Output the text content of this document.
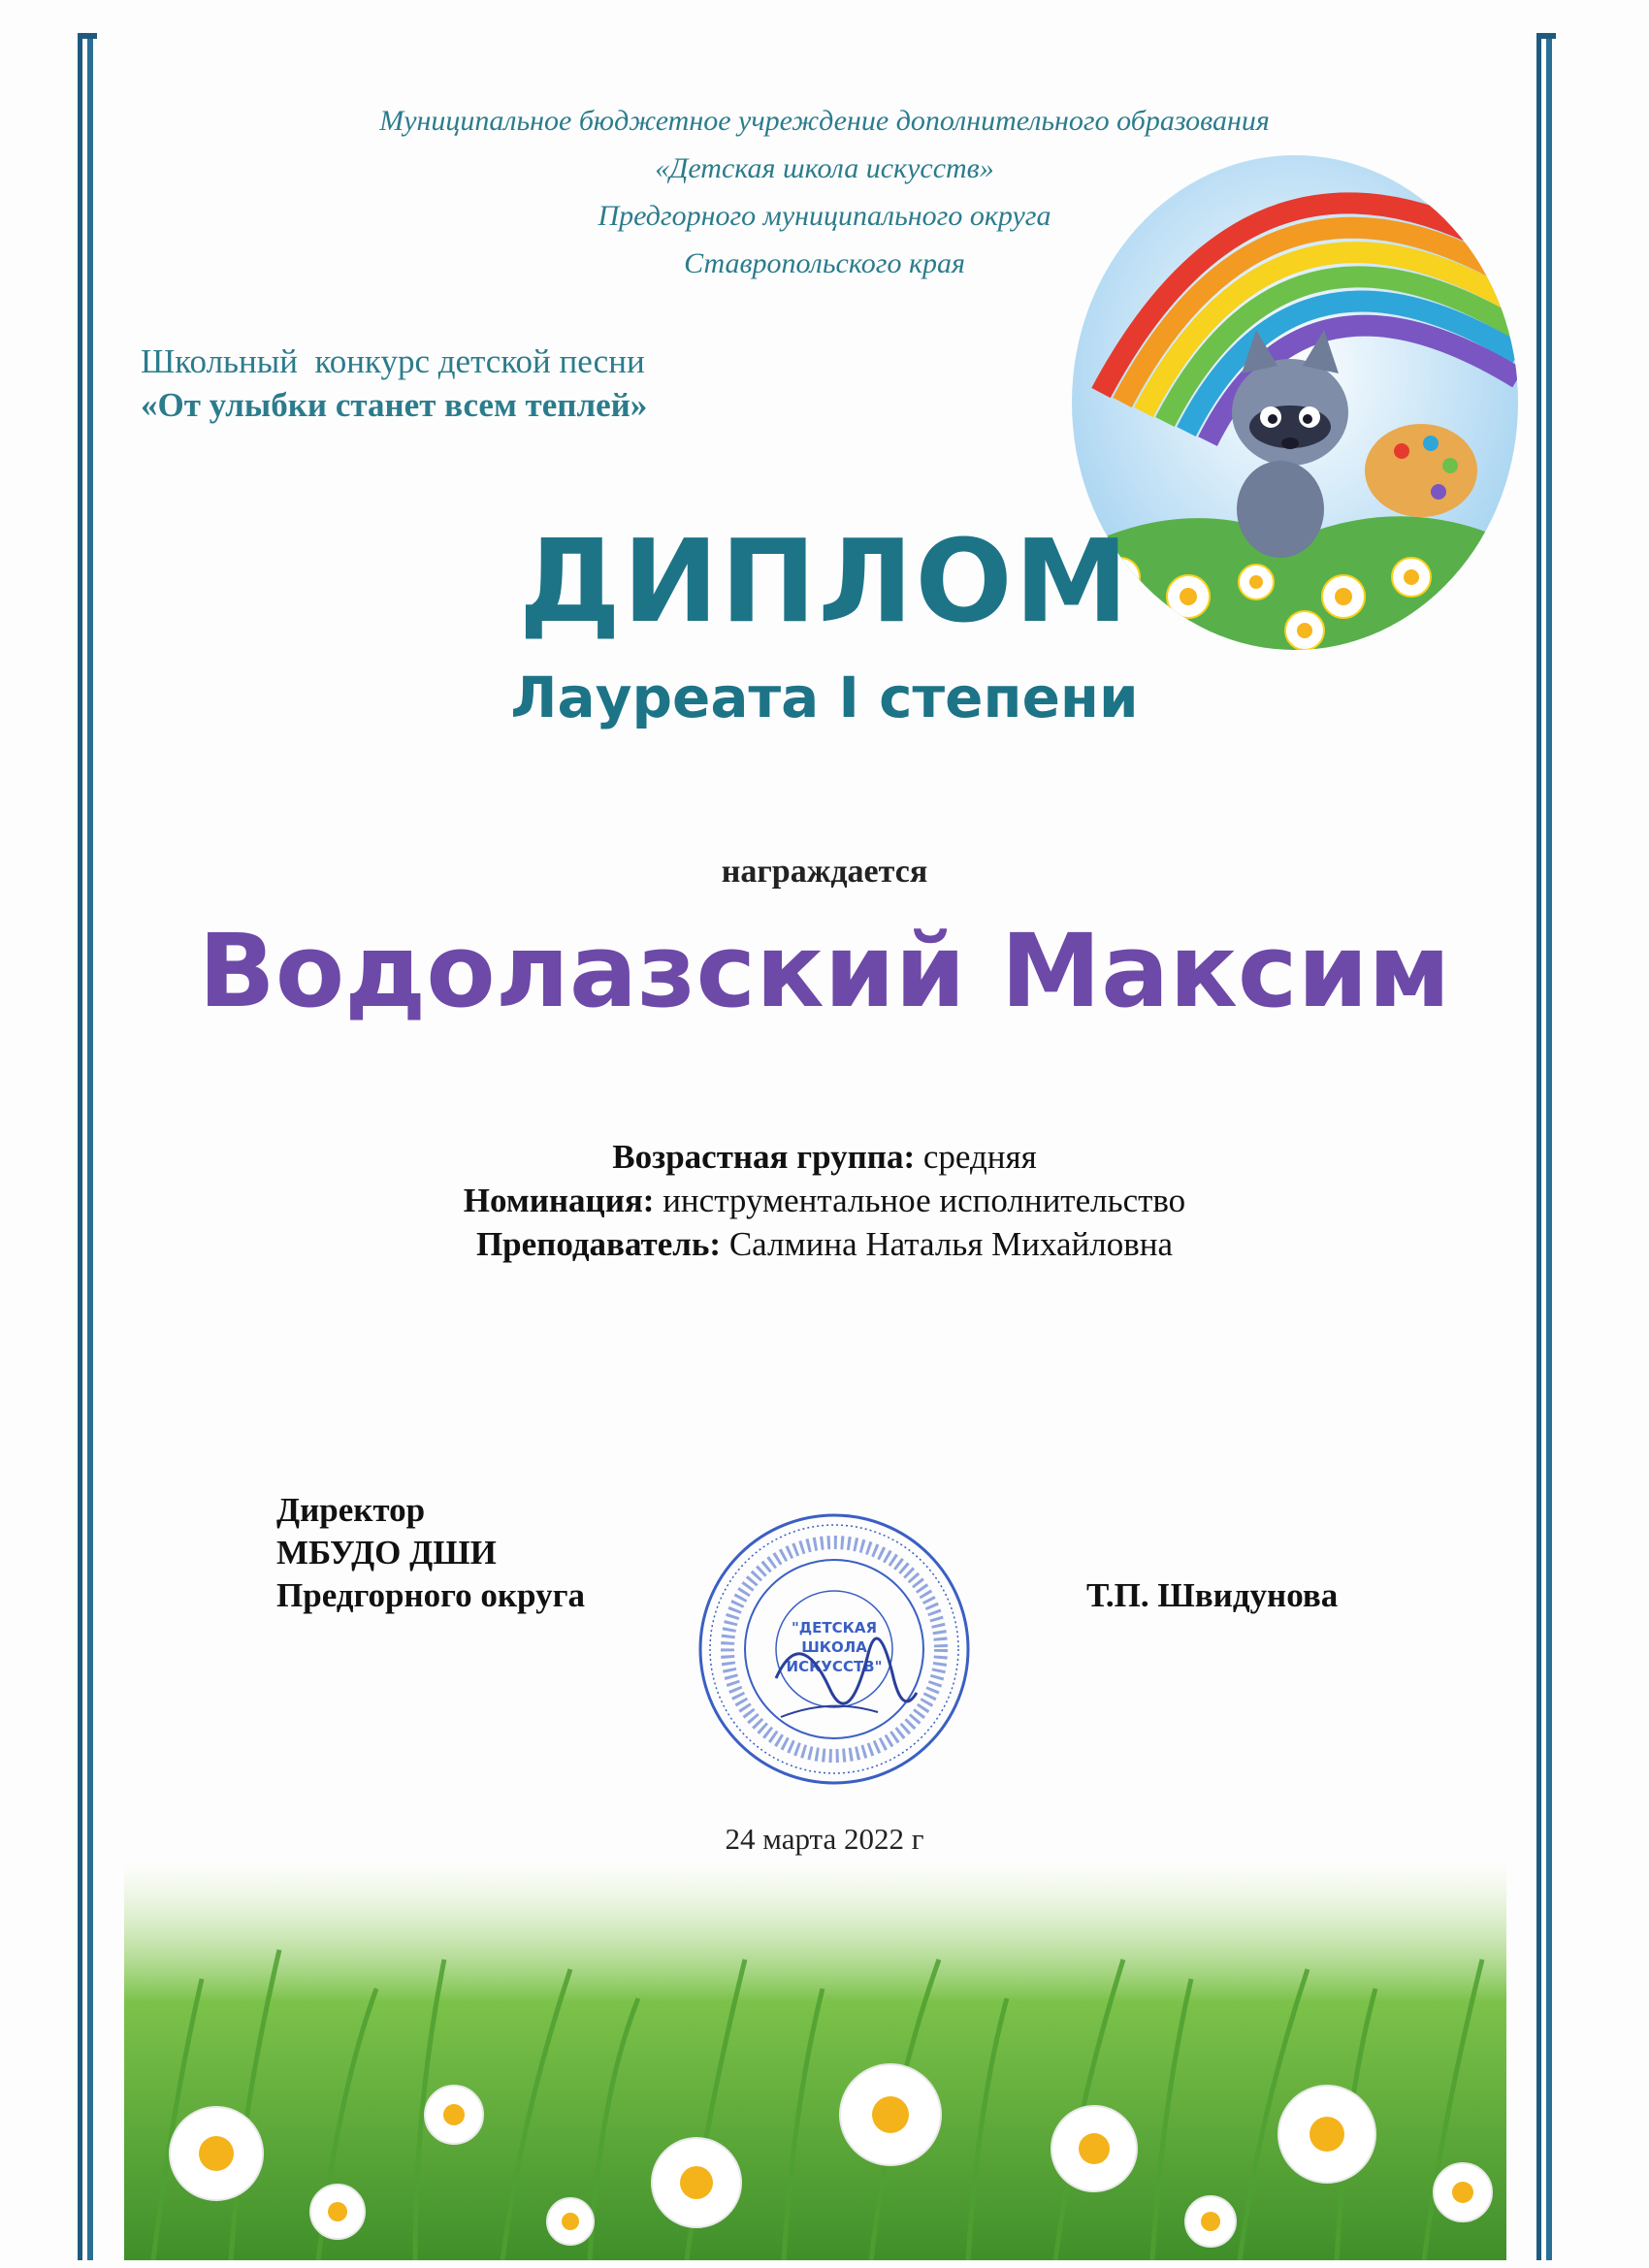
Муниципальное бюджетное учреждение дополнительного образования
«Детская школа искусств»
Предгорного муниципального округа
Ставропольского края
Школьный  конкурс детской песни
«От улыбки станет всем теплей»
ДИПЛОМ
Лауреата I степени
награждается
Водолазский Максим
Возрастная группа: средняя
Номинация: инструментальное исполнительство
Преподаватель: Салмина Наталья Михайловна
Директор
МБУДО ДШИ
Предгорного округа
"ДЕТСКАЯ
ШКОЛА
ИСКУССТВ"
Т.П. Швидунова
24 марта 2022 г
